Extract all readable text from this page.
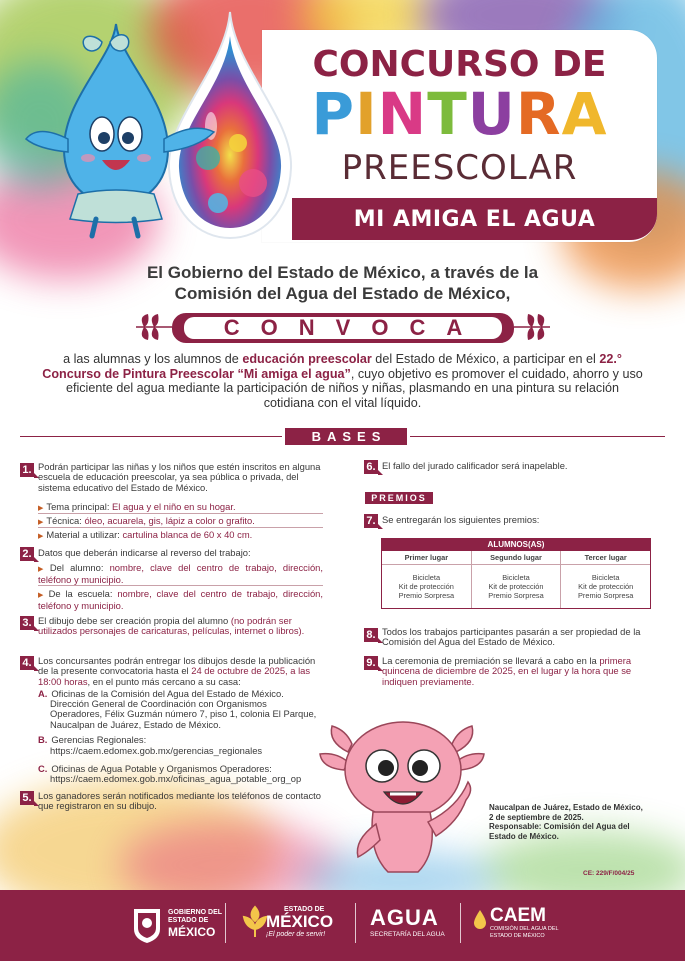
CONCURSO DE
PINTURA
PREESCOLAR
MI AMIGA EL AGUA
El Gobierno del Estado de México, a través de la
Comisión del Agua del Estado de México,
CONVOCA
a las alumnas y los alumnos de educación preescolar del Estado de México, a participar en el 22.° Concurso de Pintura Preescolar “Mi amiga el agua”, cuyo objetivo es promover el cuidado, ahorro y uso eficiente del agua mediante la participación de niños y niñas, plasmando en una pintura su relación cotidiana con el vital líquido.
BASES
1. Podrán participar las niñas y los niños que estén inscritos en alguna escuela de educación preescolar, ya sea pública o privada, del sistema educativo del Estado de México.
▶ Tema principal: El agua y el niño en su hogar.
▶ Técnica: óleo, acuarela, gis, lápiz a color o grafito.
▶ Material a utilizar: cartulina blanca de 60 x 40 cm.
2. Datos que deberán indicarse al reverso del trabajo:
▶ Del alumno: nombre, clave del centro de trabajo, dirección, teléfono y municipio.
▶ De la escuela: nombre, clave del centro de trabajo, dirección, teléfono y municipio.
3. El dibujo debe ser creación propia del alumno (no podrán ser utilizados personajes de caricaturas, películas, internet o libros).
4. Los concursantes podrán entregar los dibujos desde la publicación de la presente convocatoria hasta el 24 de octubre de 2025, a las 18:00 horas, en el punto más cercano a su casa:
A. Oficinas de la Comisión del Agua del Estado de México.
Dirección General de Coordinación con Organismos Operadores, Félix Guzmán número 7, piso 1, colonia El Parque, Naucalpan de Juárez, Estado de México.
B. Gerencias Regionales:
https://caem.edomex.gob.mx/gerencias_regionales
C. Oficinas de Agua Potable y Organismos Operadores:
https://caem.edomex.gob.mx/oficinas_agua_potable_org_op
5. Los ganadores serán notificados mediante los teléfonos de contacto que registraron en su dibujo.
6. El fallo del jurado calificador será inapelable.
PREMIOS
7. Se entregarán los siguientes premios:
ALUMNOS(AS)
Primer lugar
Bicicleta
Kit de protección
Premio Sorpresa
Segundo lugar
Bicicleta
Kit de protección
Premio Sorpresa
Tercer lugar
Bicicleta
Kit de protección
Premio Sorpresa
8. Todos los trabajos participantes pasarán a ser propiedad de la Comisión del Agua del Estado de México.
9. La ceremonia de premiación se llevará a cabo en la primera quincena de diciembre de 2025, en el lugar y la hora que se indiquen previamente.
Naucalpan de Juárez, Estado de México,
2 de septiembre de 2025.
Responsable: Comisión del Agua del
Estado de México.
CE: 229/F/004/25
GOBIERNO DEL
ESTADO DE
MÉXICO
ESTADO DE
MÉXICO
¡El poder de servir!
AGUA
SECRETARÍA DEL AGUA
CAEM
COMISIÓN DEL AGUA DEL
ESTADO DE MÉXICO
